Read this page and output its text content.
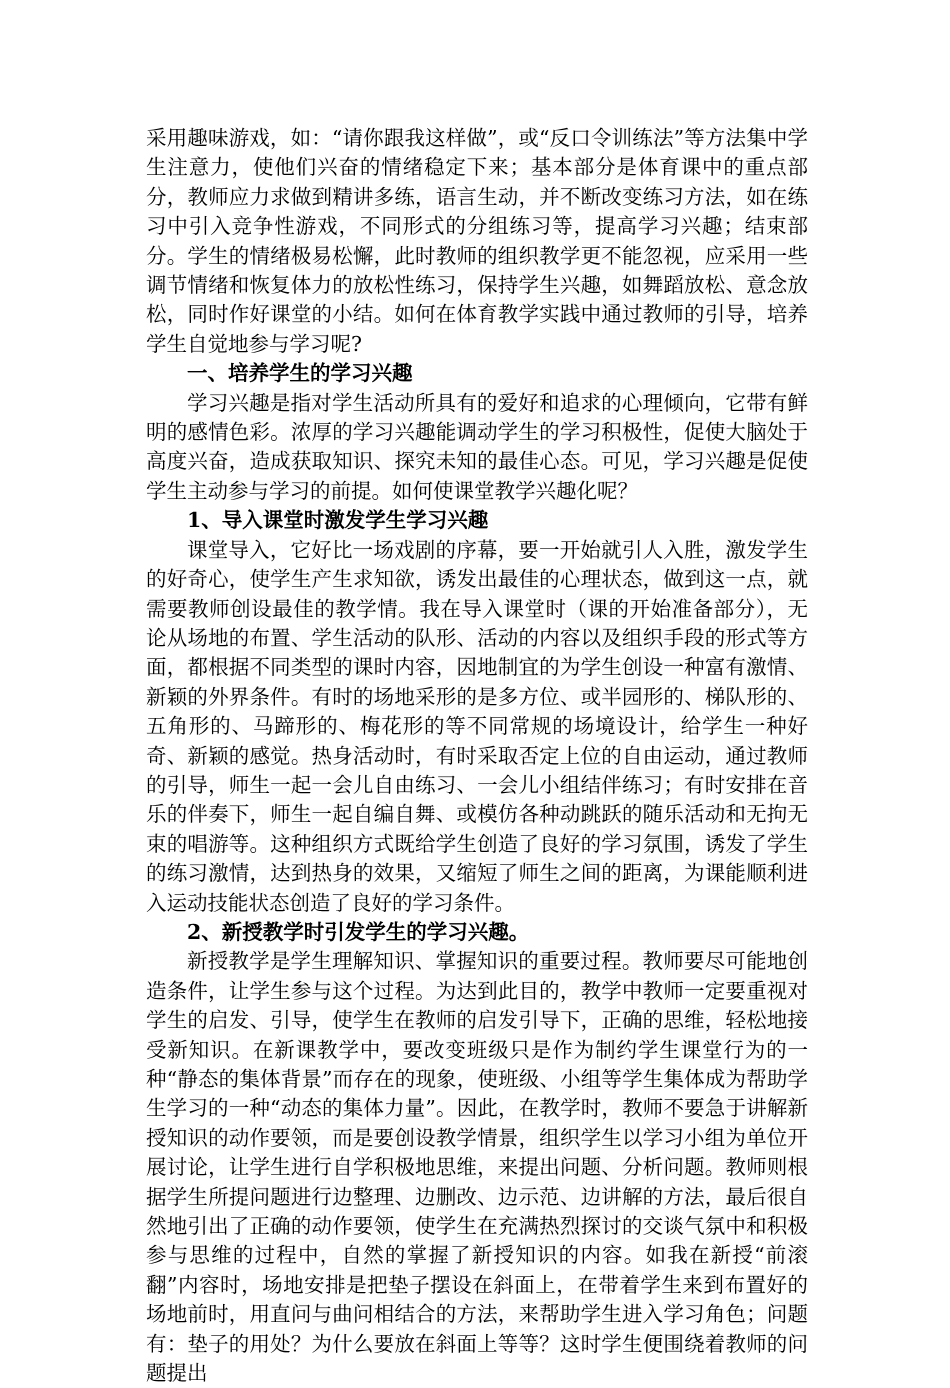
采用趣味游戏，如：“请你跟我这样做”，或“反口令训练法”等方法集中学生注意力，使他们兴奋的情绪稳定下来；基本部分是体育课中的重点部分，教师应力求做到精讲多练，语言生动，并不断改变练习方法，如在练习中引入竞争性游戏，不同形式的分组练习等，提高学习兴趣；结束部分。学生的情绪极易松懈，此时教师的组织教学更不能忽视，应采用一些调节情绪和恢复体力的放松性练习，保持学生兴趣，如舞蹈放松、意念放松，同时作好课堂的小结。如何在体育教学实践中通过教师的引导，培养学生自觉地参与学习呢?

一、培养学生的学习兴趣

学习兴趣是指对学生活动所具有的爱好和追求的心理倾向，它带有鲜明的感情色彩。浓厚的学习兴趣能调动学生的学习积极性，促使大脑处于高度兴奋，造成获取知识、探究未知的最佳心态。可见，学习兴趣是促使学生主动参与学习的前提。如何使课堂教学兴趣化呢？

1、导入课堂时激发学生学习兴趣

课堂导入，它好比一场戏剧的序幕，要一开始就引人入胜，激发学生的好奇心，使学生产生求知欲，诱发出最佳的心理状态，做到这一点，就需要教师创设最佳的教学情。我在导入课堂时（课的开始准备部分），无论从场地的布置、学生活动的队形、活动的内容以及组织手段的形式等方面，都根据不同类型的课时内容，因地制宜的为学生创设一种富有激情、新颖的外界条件。有时的场地采形的是多方位、或半园形的、梯队形的、五角形的、马蹄形的、梅花形的等不同常规的场境设计，给学生一种好奇、新颖的感觉。热身活动时，有时采取否定上位的自由运动，通过教师的引导，师生一起一会儿自由练习、一会儿小组结伴练习；有时安排在音乐的伴奏下，师生一起自编自舞、或模仿各种动跳跃的随乐活动和无拘无束的唱游等。这种组织方式既给学生创造了良好的学习氛围，诱发了学生的练习激情，达到热身的效果，又缩短了师生之间的距离，为课能顺利进入运动技能状态创造了良好的学习条件。

2、新授教学时引发学生的学习兴趣。

新授教学是学生理解知识、掌握知识的重要过程。教师要尽可能地创造条件，让学生参与这个过程。为达到此目的，教学中教师一定要重视对学生的启发、引导，使学生在教师的启发引导下，正确的思维，轻松地接受新知识。在新课教学中，要改变班级只是作为制约学生课堂行为的一种“静态的集体背景”而存在的现象，使班级、小组等学生集体成为帮助学生学习的一种“动态的集体力量”。因此，在教学时，教师不要急于讲解新授知识的动作要领，而是要创设教学情景，组织学生以学习小组为单位开展讨论，让学生进行自学积极地思维，来提出问题、分析问题。教师则根据学生所提问题进行边整理、边删改、边示范、边讲解的方法，最后很自然地引出了正确的动作要领，使学生在充满热烈探讨的交谈气氛中和积极参与思维的过程中，自然的掌握了新授知识的内容。如我在新授“前滚翻”内容时，场地安排是把垫子摆设在斜面上，在带着学生来到布置好的场地前时，用直问与曲问相结合的方法，来帮助学生进入学习角色；问题有：垫子的用处？为什么要放在斜面上等等？这时学生便围绕着教师的问题提出
